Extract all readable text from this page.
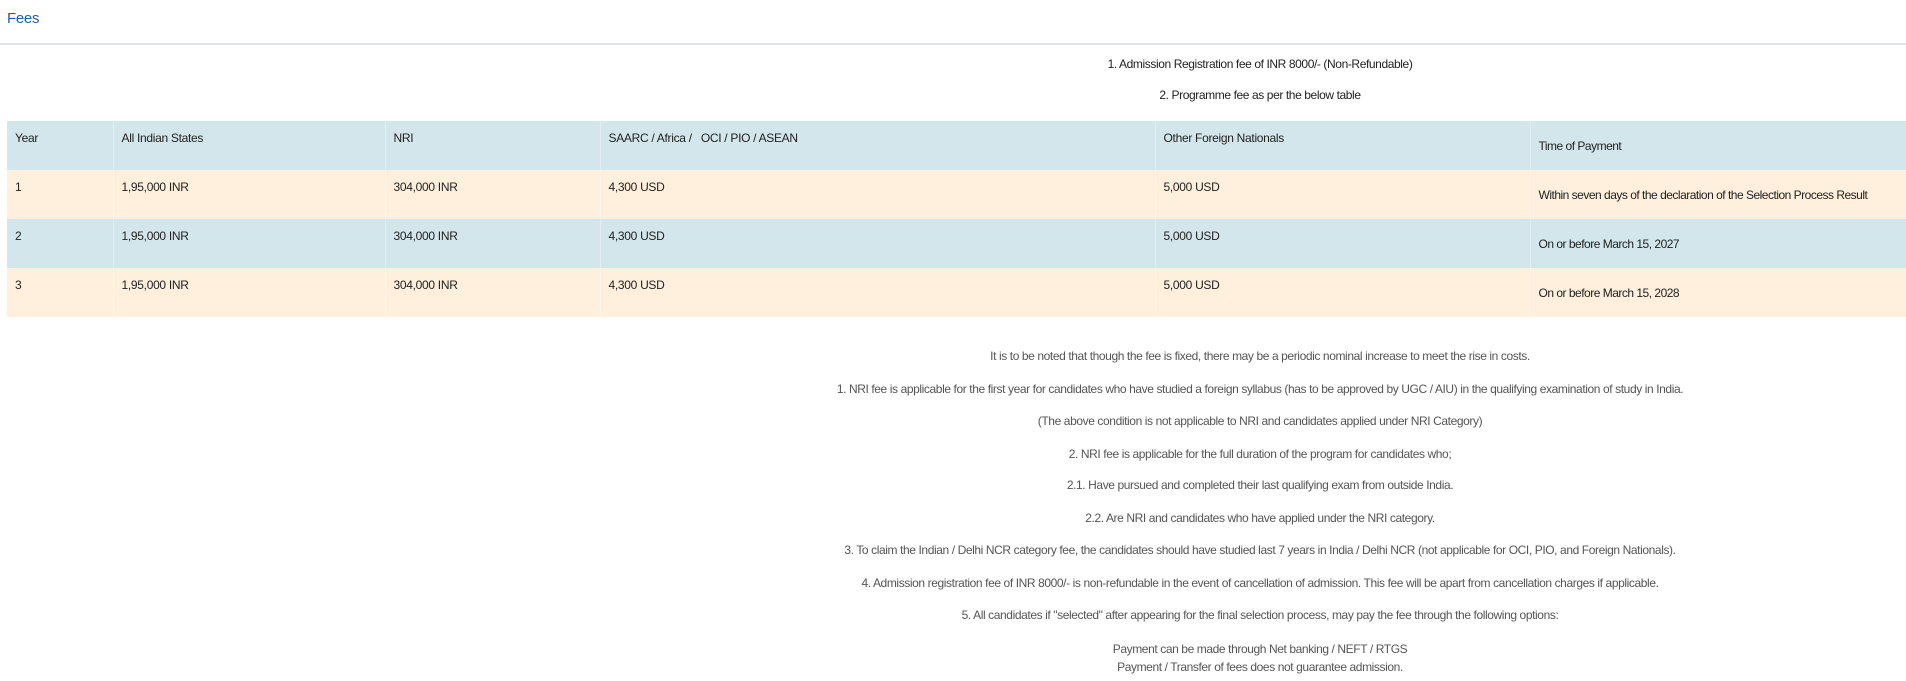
Fees
1. Admission Registration fee of INR 8000/- (Non-Refundable)
2. Programme fee as per the below table
Year	All Indian States	NRI	SAARC / Africa /   OCI / PIO / ASEAN	Other Foreign Nationals	Time of Payment
1	1,95,000 INR	304,000 INR	4,300 USD	5,000 USD	Within seven days of the declaration of the Selection Process Result
2	1,95,000 INR	304,000 INR	4,300 USD	5,000 USD	On or before March 15, 2027
3	1,95,000 INR	304,000 INR	4,300 USD	5,000 USD	On or before March 15, 2028
It is to be noted that though the fee is fixed, there may be a periodic nominal increase to meet the rise in costs.
1. NRI fee is applicable for the first year for candidates who have studied a foreign syllabus (has to be approved by UGC / AIU) in the qualifying examination of study in India.
(The above condition is not applicable to NRI and candidates applied under NRI Category)
2. NRI fee is applicable for the full duration of the program for candidates who;
2.1. Have pursued and completed their last qualifying exam from outside India.
2.2. Are NRI and candidates who have applied under the NRI category.
3. To claim the Indian / Delhi NCR category fee, the candidates should have studied last 7 years in India / Delhi NCR (not applicable for OCI, PIO, and Foreign Nationals).
4. Admission registration fee of INR 8000/- is non-refundable in the event of cancellation of admission. This fee will be apart from cancellation charges if applicable.
5. All candidates if "selected" after appearing for the final selection process, may pay the fee through the following options:
Payment can be made through Net banking / NEFT / RTGS
Payment / Transfer of fees does not guarantee admission.
